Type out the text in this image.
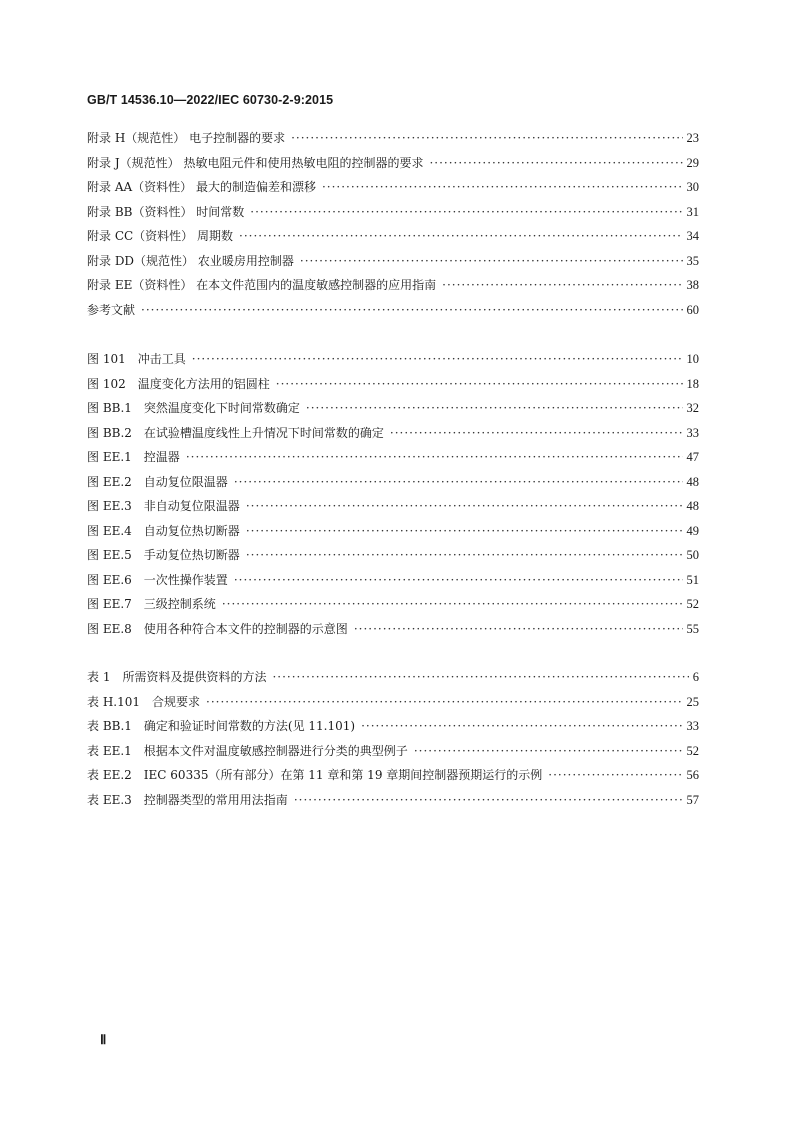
GB/T 14536.10—2022/IEC 60730-2-9:2015
附录 H（规范性） 电子控制器的要求 ·····	23
附录 J（规范性） 热敏电阻元件和使用热敏电阻的控制器的要求 ·····	29
附录 AA（资料性） 最大的制造偏差和漂移 ·····	30
附录 BB（资料性） 时间常数 ·····	31
附录 CC（资料性） 周期数 ·····	34
附录 DD（规范性） 农业暖房用控制器 ·····	35
附录 EE（资料性） 在本文件范围内的温度敏感控制器的应用指南 ·····	38
参考文献 ·····	60
图 101 冲击工具 ·····	10
图 102 温度变化方法用的铝圆柱 ·····	18
图 BB.1 突然温度变化下时间常数确定 ·····	32
图 BB.2 在试验槽温度线性上升情况下时间常数的确定 ·····	33
图 EE.1 控温器 ·····	47
图 EE.2 自动复位限温器 ·····	48
图 EE.3 非自动复位限温器 ·····	48
图 EE.4 自动复位热切断器 ·····	49
图 EE.5 手动复位热切断器 ·····	50
图 EE.6 一次性操作装置 ·····	51
图 EE.7 三级控制系统 ·····	52
图 EE.8 使用各种符合本文件的控制器的示意图 ·····	55
表 1 所需资料及提供资料的方法 ·····	6
表 H.101 合规要求 ·····	25
表 BB.1 确定和验证时间常数的方法(见 11.101) ·····	33
表 EE.1 根据本文件对温度敏感控制器进行分类的典型例子 ·····	52
表 EE.2 IEC 60335（所有部分）在第 11 章和第 19 章期间控制器预期运行的示例 ·····	56
表 EE.3 控制器类型的常用用法指南 ·····	57
Ⅱ
